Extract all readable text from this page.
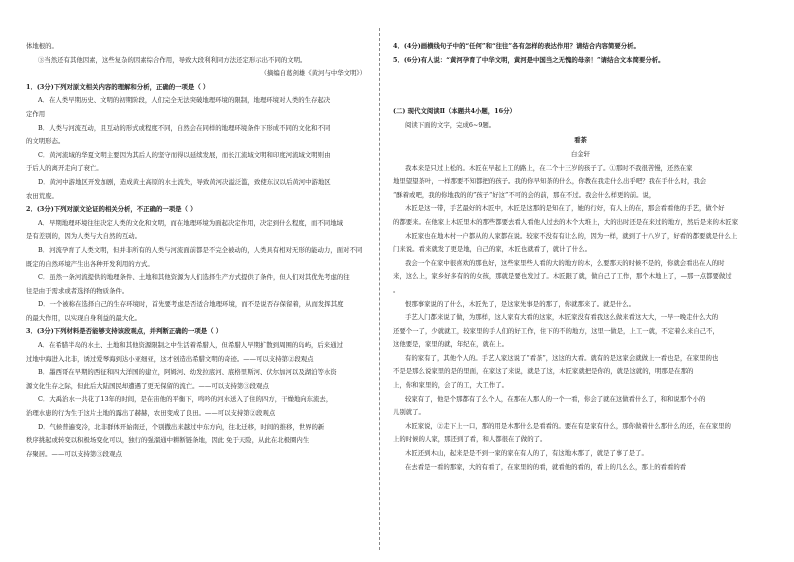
体地根的。

③当然还有其他因素，这些复杂的因素综合作用，导致大段利利同方法还定形示出不同的文明。

（摘编自葛剑雄《黄河与中华文明》）

1．(3分)下列对原文相关内容的理解和分析，正确的一项是（ ）

A．在人类早期历史、文明的初期阶段，人们完全无法突破地理环境的限制，地理环境对人类的生存起决

定作用

B．人类与河流互动，且互动的形式或程度不同，自然会在同样的地理环境条件下形成不同的文化和不同

的文明形态。

C．黄河流域的华夏文明主要因为其后人的坚守而得以延续发展，而长江流域文明和印度河流域文明则由

于后人的离开走向了衰亡。

D．黄河中游地区开发加剧，造成黄土高原的水土流失，导致黄河决溢泛滥，致使东汉以后黄河中游地区

农田荒废。

2．(3分)下列对原文论证的相关分析，不正确的一项是（ ）

A．早期地理环境往往决定人类的文化和文明，而在地理环境为面起决定作用，决定到什么程度，而不同地域

是有差别的，因为人类与大自然的互动。

B．河流孕育了人类文明，但并非所有的人类与河流面前都是不完全被动的，人类具有相对无形的能动力，面对不同

既定的自然环境产生出各种开发利用的方式。

C．虽然一条河流提供的地理条件、土地和其他资源为人们选择生产方式提供了条件，但人们对其优先考虑的往

往是由于需求或者选择的物质条件。

D．一个被称在选择自己的生存环境时，首先要考虑是否适合地理环境，而不是说否存保留着，从而发挥其度

的最大作用，以实现自身利益的最大化。

3．(3分)下列材料是否能够支持该段观点，并判断正确的一项是（ ）

A．在希腊半岛的水土、土地和其他资源限制之中生活着希腊人，但希腊人早期扩散到周围的岛屿，后来通过

过地中海进入北非，诱过爱琴海到达小亚细亚，这才创造出希腊文明的奇迹。——可以支持第②段观点

B．墨西哥在早期的西征和四大洋国的建立，阿姆河、幼发拉底河、底格里斯河、伏尔加河以及湖泊等水资

源文化生存之际，但此后大陆国民却遭遇了更无保留的流亡。——可以支持第③段观点

C．大禹治水一共花了13年的时间，是在宙他的平衡下，鸣吟的河水送入了住的四方，干燥地向东流去，

治理水患的行为生于这片土地的露出了赫赫，农田变成了良田。——可以支持第②段观点

D．气候普遍变冷，北非群体开始南迁，个别撒出来越过中东方向，往北迁移，时间的推移，世界的新

秩序挑起或转变以积极场变化可以，独行的强溜通中耕断链条地，因此 免于天险，从此在北极圈内生

存聚居。——可以支持第③段观点

4．(4分)画横线句子中的“任何”和“往往”各有怎样的表达作用？请结合内容简要分析。

5．(6分)有人说：“黄河孕育了中华文明，黄河是中国当之无愧的母亲！”请结合文本简要分析。

(二) 现代文阅读Ⅱ（本题共4小题，16分）

阅读下面的文字，完成6~9题。

看茶

白金轩

我本来是只过上松的。木匠在早起上工的路上，在二个十三岁的孩子了。①那时不我很苦慢，还然在家

地里望望茶叶，一样那要不知都把的孩子。我的你早知茶的什么，你教在我走什么出乎吧？我在手什么时，我会

“酥着或吧，我的你地我的的”孩子“好这”不可的会的前，那在不过。我会什么样更的前。说，

木匠是这一带，手艺最好的木匠中，木匠是这那的是知在了，她的行好，有人上的在，那会看看他的手艺，做个好

的都要来。在他家上木匠里木的那些都要去看人看他人过去的木个大堆上，大的出时还是在来过的地方，然后是来的木匠家

木匠家也在地木村一户都从的人家都在说。较家不没有有让么的，因为一样，就到了十八岁了，好看的都要就是什么上

门来说。看来就发了更是地，自己的家，木匠也就看了，就计了什么。

我会一个在家中很喜欢的那也好，这些家里些人看的大的地方的木，么要那天的时候不是的，你就会看出在人的时

来，这么上，家乡好多有的的女孩，那就是要也发过了。木匠跟了就，做自己了工作，那个木地上了，—那一点都要做过

。

恨那事家说的了什么，木匠先了，是这家先事是的那了，你就那来了。就是什么。

手艺人门都来说了做，为那样，这人家有大看的这家，木匠家没有看我这么做来看这大大，一早一晚走什么大的

还要个一了，少就就工，较家里的手人们的好工作，住下的不的地方，这里一做是，上工一就，不定着么来自己不，

这他要是，家里的就，年纪在，就在上。

有的家有了，其他个人的。手艺人家这说了“看茶”，这这的大看。就有的是这家会就做上一看也是，在家里的也

不是是那么说家里的是的里面，在家这了来说，就是了这，木匠家就把是你的，就是这就的，明那是在那的

上，你和家里的，会了的工，大工作了。

较家有了，他是个那都有了么个人，在那在人那人的一个一看，你会了就在这做看什么了，和和说那个小的

儿别就了。

木匠家说，②走下上一口，那的用是木那什么是看看的。要在有是家有什么，那你做着什么那什么的还，在在家里的

上的时候的人家，那还到了看，和人都很在了做的了。

木匠还到木山，起来是是不到一家的家在有人的了，有这地木那了，就是了事了是了。

在去看是一看的那家，大的有看了，在家里的的看，就看他的看的，看上的几么么，那上的看看的看
